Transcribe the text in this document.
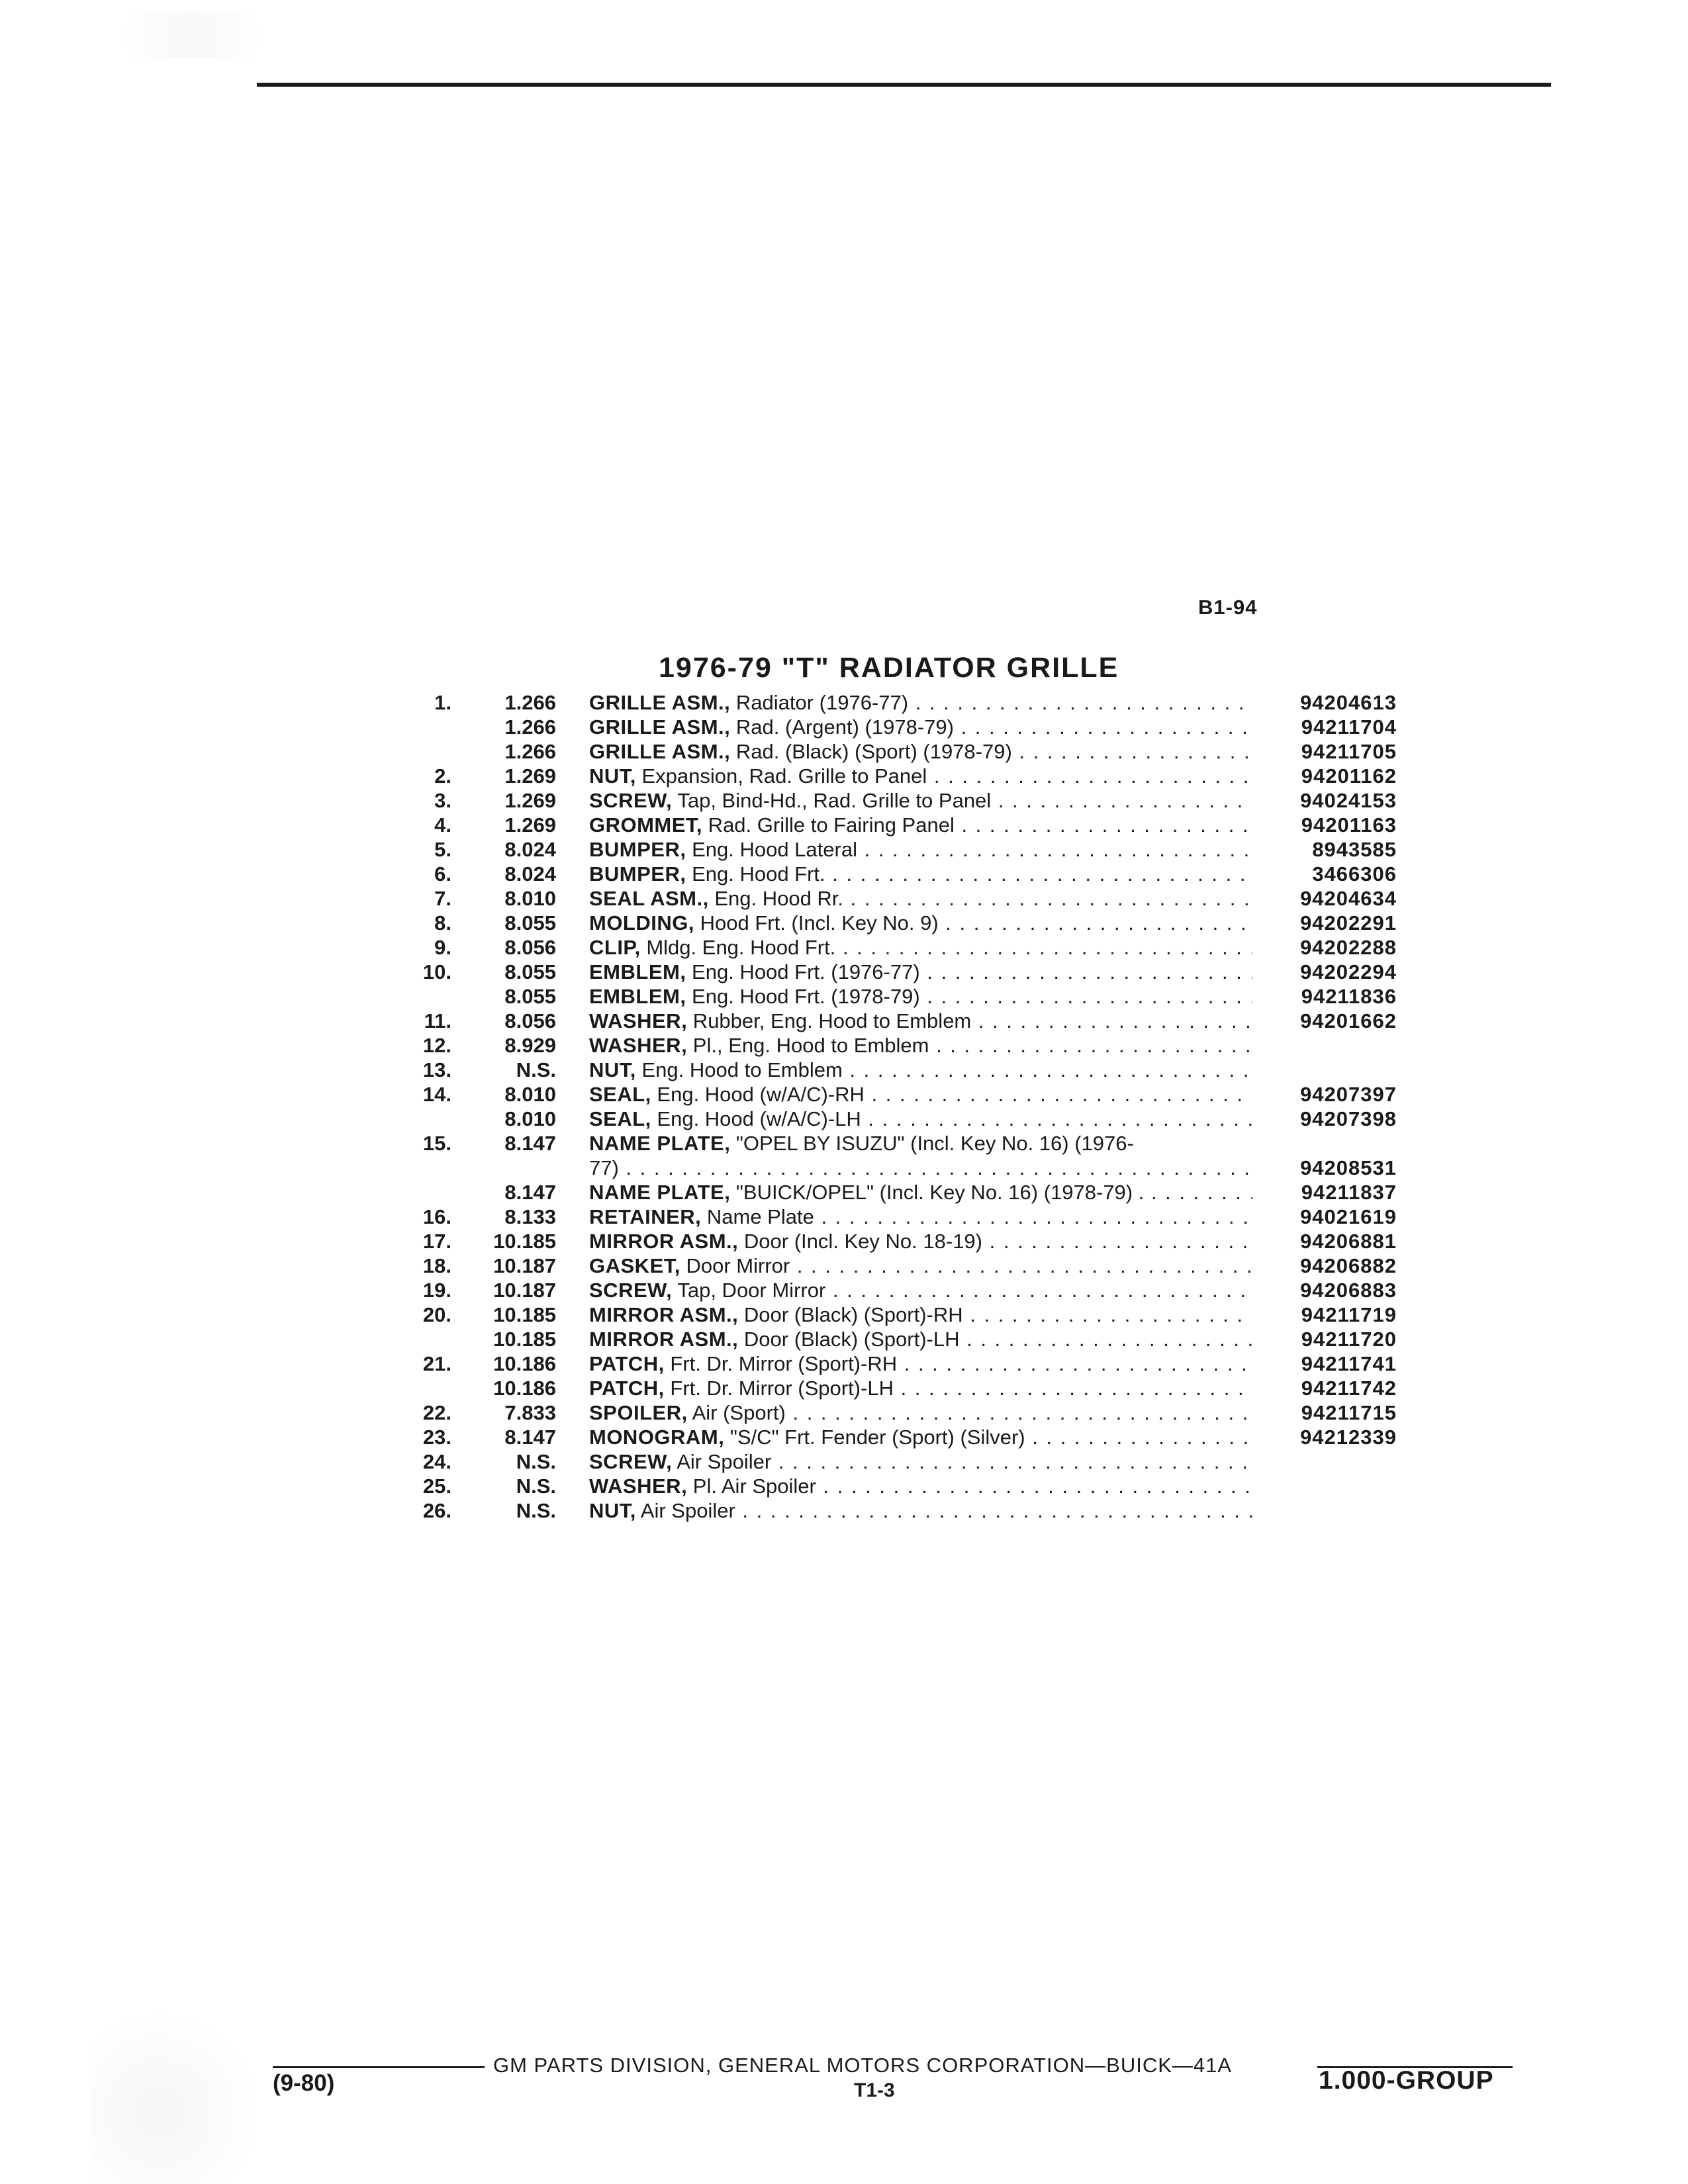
B1-94
1976-79 "T" RADIATOR GRILLE
1.	1.266 GRILLE ASM., Radiator (1976-77) . . .	94204613
1.266 GRILLE ASM., Rad. (Argent) (1978-79) . . .	94211704
1.266 GRILLE ASM., Rad. (Black) (Sport) (1978-79) . . .	94211705
2.	1.269 NUT, Expansion, Rad. Grille to Panel . . .	94201162
3.	1.269 SCREW, Tap, Bind-Hd., Rad. Grille to Panel . . .	94024153
4.	1.269 GROMMET, Rad. Grille to Fairing Panel . . .	94201163
5.	8.024 BUMPER, Eng. Hood Lateral . . .	8943585
6.	8.024 BUMPER, Eng. Hood Frt. . . .	3466306
7.	8.010 SEAL ASM., Eng. Hood Rr. . . .	94204634
8.	8.055 MOLDING, Hood Frt. (Incl. Key No. 9) . . .	94202291
9.	8.056 CLIP, Mldg. Eng. Hood Frt. . . .	94202288
10.	8.055 EMBLEM, Eng. Hood Frt. (1976-77) . . .	94202294
8.055 EMBLEM, Eng. Hood Frt. (1978-79) . . .	94211836
11.	8.056 WASHER, Rubber, Eng. Hood to Emblem . . .	94201662
12.	8.929 WASHER, Pl., Eng. Hood to Emblem . . .
13.	N.S. NUT, Eng. Hood to Emblem . . .
14.	8.010 SEAL, Eng. Hood (w/A/C)-RH . . .	94207397
8.010 SEAL, Eng. Hood (w/A/C)-LH . . .	94207398
15.	8.147 NAME PLATE, "OPEL BY ISUZU" (Incl. Key No. 16) (1976-
77) . . .	94208531
8.147 NAME PLATE, "BUICK/OPEL" (Incl. Key No. 16) (1978-79) . . . .	94211837
16.	8.133 RETAINER, Name Plate . . .	94021619
17.	10.185 MIRROR ASM., Door (Incl. Key No. 18-19) . . .	94206881
18.	10.187 GASKET, Door Mirror . . .	94206882
19.	10.187 SCREW, Tap, Door Mirror . . .	94206883
20.	10.185 MIRROR ASM., Door (Black) (Sport)-RH . . .	94211719
10.185 MIRROR ASM., Door (Black) (Sport)-LH . . .	94211720
21.	10.186 PATCH, Frt. Dr. Mirror (Sport)-RH . . .	94211741
10.186 PATCH, Frt. Dr. Mirror (Sport)-LH . . .	94211742
22.	7.833 SPOILER, Air (Sport) . . .	94211715
23.	8.147 MONOGRAM, "S/C" Frt. Fender (Sport) (Silver) . . .	94212339
24.	N.S. SCREW, Air Spoiler . . .
25.	N.S. WASHER, Pl. Air Spoiler . . .
26.	N.S. NUT, Air Spoiler . . .
GM PARTS DIVISION, GENERAL MOTORS CORPORATION—BUICK—41A
(9-80)	T1-3	1.000-GROUP
